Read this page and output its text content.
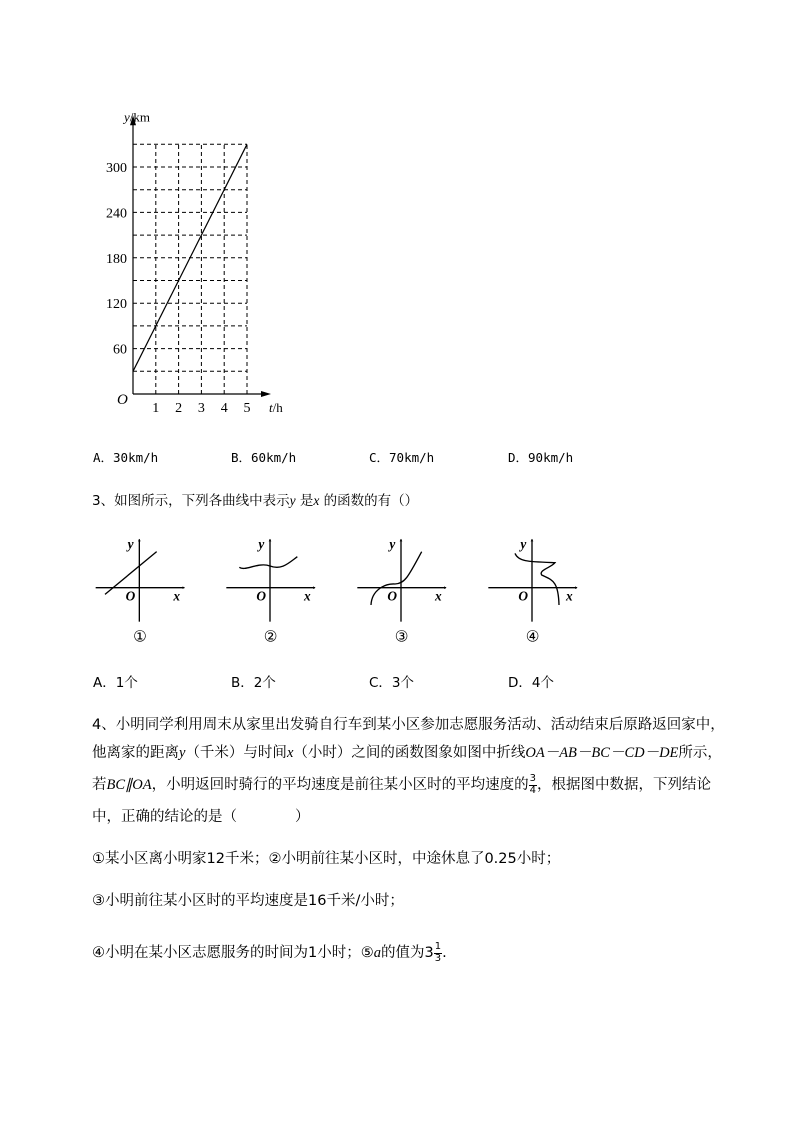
60
120
180
240
300
1 2 3 4 5
O
y/km
t/h
A．30km/h	B．60km/h	C．70km/h	D．90km/h
3、如图所示，下列各曲线中表示y 是x 的函数的有（）
y
x
O
①
y
x
O
②
y
x
O
③
y
x
O
④
A．1个	B．2个	C．3个	D．4个
4、小明同学利用周末从家里出发骑自行车到某小区参加志愿服务活动、活动结束后原路返回家中，
他离家的距离y（千米）与时间x（小时）之间的函数图象如图中折线OA－AB－BC－CD－DE所示，
若BC∥OA，小明返回时骑行的平均速度是前往某小区时的平均速度的 $\frac{3}{4}$ ，根据图中数据，下列结论
中，正确的结论的是（　　　　）
①某小区离小明家12千米；②小明前往某小区时，中途休息了0.25小时；
③小明前往某小区时的平均速度是16千米/小时；
④小明在某小区志愿服务的时间为1小时；⑤a的值为$3 \frac{1}{3}$ .
